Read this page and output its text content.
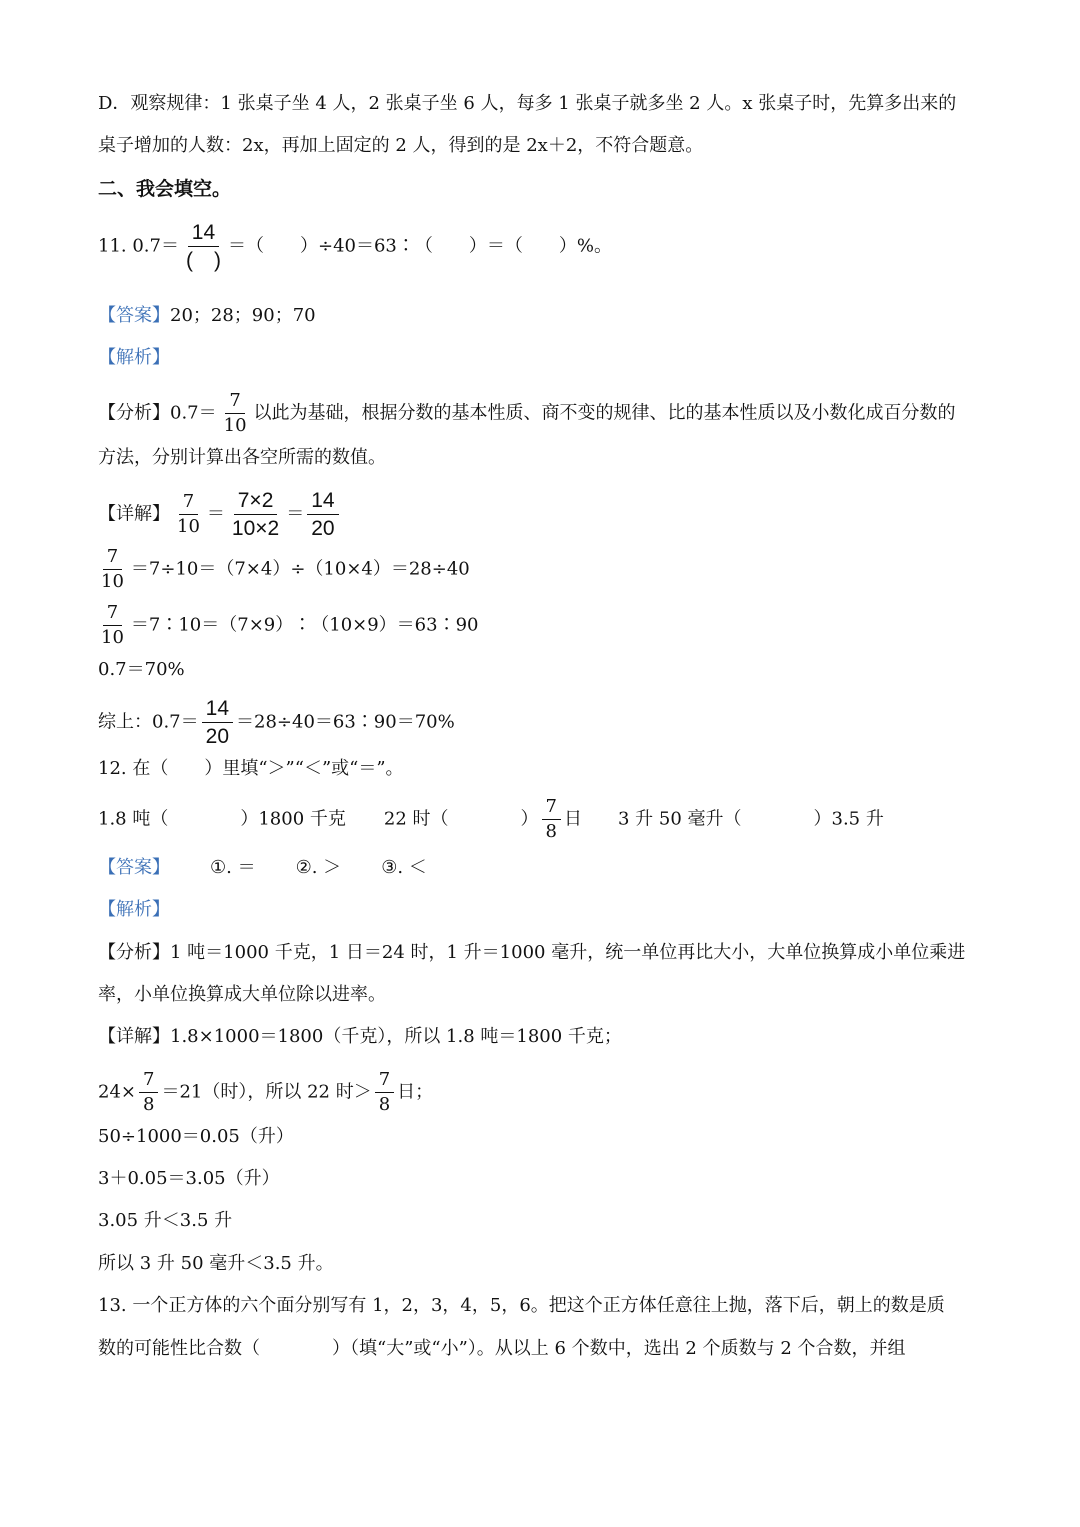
D．观察规律：1 张桌子坐 4 人，2 张桌子坐 6 人，每多 1 张桌子就多坐 2 人。x 张桌子时，先算多出来的
桌子增加的人数：2x，再加上固定的 2 人，得到的是 2x＋2，不符合题意。
二、我会填空。
11. $0.7= \frac{14}{( )}$ ＝（　　）÷40＝63∶（　　）＝（　　）%。
【答案】20；28；90；70
【解析】
【分析】$0.7= \frac{7}{10}$ 以此为基础，根据分数的基本性质、商不变的规律、比的基本性质以及小数化成百分数的
方法，分别计算出各空所需的数值。
【详解】 $\frac{7}{10} = \frac{7\times 2}{10\times 2} = \frac{14}{20}$
$\frac{7}{10} =7\div 10=(7\times 4)\div(10\times 4)=28\div 40$
$\frac{7}{10}$ ＝7∶10＝（7×9）∶（10×9）＝63∶90
0.7＝70%
综上：$0.7= \frac{14}{20}$ ＝28÷40＝63∶90＝70%
12. 在（　　）里填“＞”“＜”或“＝”。
1.8 吨（　　　　）1800 千克 22 时（　　　　） $\frac{7}{8}$ 日 3 升 50 毫升（　　　　）3.5 升
【答案】 ①. ＝ ②. ＞ ③. ＜
【解析】
【分析】1 吨＝1000 千克，1 日＝24 时，1 升＝1000 毫升，统一单位再比大小，大单位换算成小单位乘进
率，小单位换算成大单位除以进率。
【详解】1.8×1000＝1800（千克），所以 1.8 吨＝1800 千克；
$24\times \frac{7}{8} =21$（时），所以 22 时＞ $\frac{7}{8}$ 日；
50÷1000＝0.05（升）
3＋0.05＝3.05（升）
3.05 升＜3.5 升
所以 3 升 50 毫升＜3.5 升。
13. 一个正方体的六个面分别写有 1，2，3，4，5，6。把这个正方体任意往上抛，落下后，朝上的数是质
数的可能性比合数（　　　　）（填“大”或“小”）。从以上 6 个数中，选出 2 个质数与 2 个合数，并组
